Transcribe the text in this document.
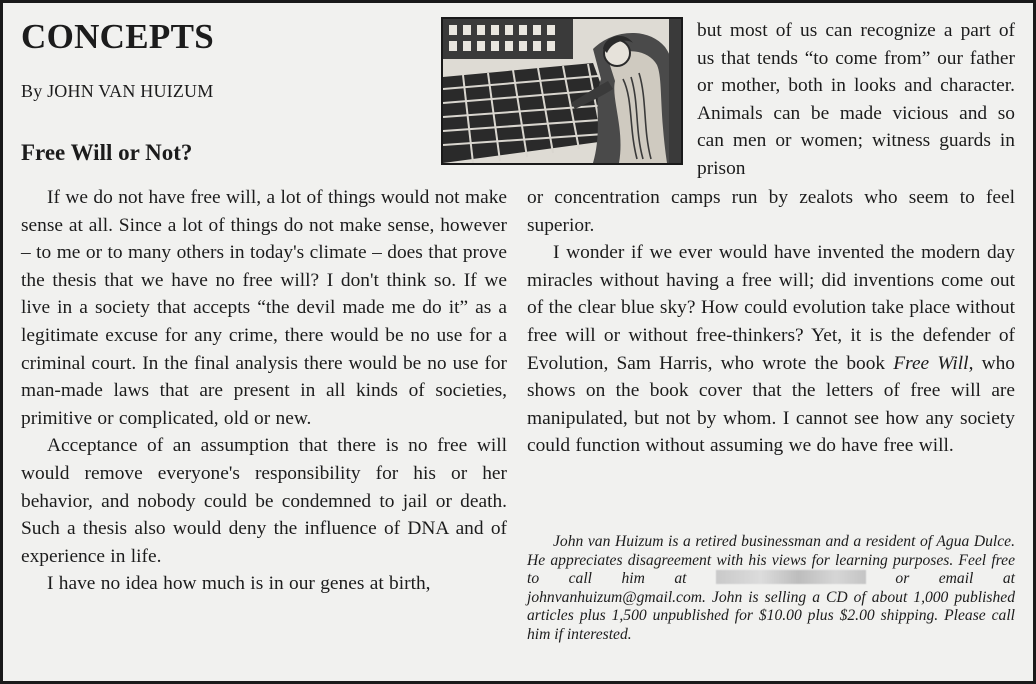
CONCEPTS
By JOHN VAN HUIZUM
Free Will or Not?

but most of us can recognize a part of us that tends “to come from” our father or mother, both in looks and character. Animals can be made vicious and so can men or women; witness guards in prison

If we do not have free will, a lot of things would not make sense at all. Since a lot of things do not make sense, however – to me or to many others in today's climate – does that prove the thesis that we have no free will? I don't think so. If we live in a society that accepts “the devil made me do it” as a legitimate excuse for any crime, there would be no use for a criminal court. In the final analysis there would be no use for man-made laws that are present in all kinds of societies, primitive or complicated, old or new.

Acceptance of an assumption that there is no free will would remove everyone's responsibility for his or her behavior, and nobody could be condemned to jail or death. Such a thesis also would deny the influence of DNA and of experience in life.

I have no idea how much is in our genes at birth,

or concentration camps run by zealots who seem to feel superior.

I wonder if we ever would have invented the modern day miracles without having a free will; did inventions come out of the clear blue sky? How could evolution take place without free will or without free-thinkers? Yet, it is the defender of Evolution, Sam Harris, who wrote the book Free Will, who shows on the book cover that the letters of free will are manipulated, but not by whom. I cannot see how any society could function without assuming we do have free will.

John van Huizum is a retired businessman and a resident of Agua Dulce. He appreciates disagreement with his views for learning purposes. Feel free to call him at	or email at johnvanhuizum@gmail.com. John is selling a CD of about 1,000 published articles plus 1,500 unpublished for $10.00 plus $2.00 shipping. Please call him if interested.
